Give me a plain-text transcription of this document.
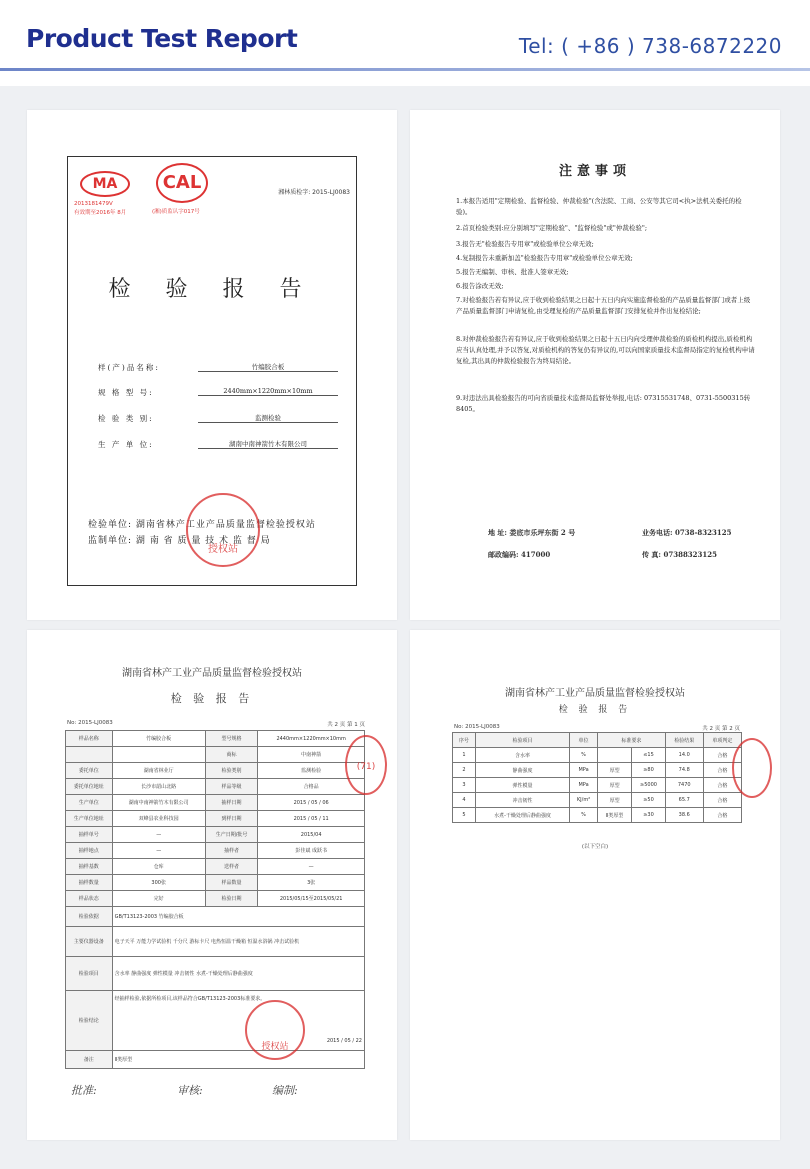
Product Test Report	Tel: ( +86 ) 738-6872220
MA	CAL
2013181479V
有效期至2016年 8月	(湘)质监认字017号
湘林质检字: 2015-LJ0083
检 验 报 告
样(产)品名称:	竹编胶合板
规 格 型 号:	2440mm×1220mm×10mm
检 验 类 别:	监测检验
生 产 单 位:	湖南中南神箭竹木有限公司
检验单位: 湖南省林产工业产品质量监督检验授权站
监制单位: 湖 南 省 质 量 技 术 监 督 局
授权站
注意事项
1.本报告适用"定期检验、监督检验、仲裁检验"(含法院、工商、公安等其它司<执>法机关委托的检验)。
2.首页检验类别:应分别填写"定期检验"、"监督检验"或"仲裁检验";
3.报告无"检验报告专用章"或检验单位公章无效;
4.复制报告未重新加盖"检验报告专用章"或检验单位公章无效;
5.报告无编制、审核、批准人签章无效;
6.报告涂改无效;
7.对检验报告若有异议,应于收到检验结果之日起十五日内向实施监督检验的产品质量监督部门或者上级产品质量监督部门申请复检,由受理复检的产品质量监督部门安排复检并作出复检结论;
8.对仲裁检验报告若有异议,应于收到检验结果之日起十五日内向受理仲裁检验的质检机构提出,质检机构应当认真处理,并予以答复,对质检机构的答复仍有异议的,可以向国家质量技术监督局指定的复检机构申请复检,其出具的仲裁检验报告为终局结论。
9.对违法出具检验报告的可向省质量技术监督局监督处举报,电话: 07315531748、0731-5500315转8405。
地 址: 娄底市乐坪东街 2 号	业务电话: 0738-8323125
邮政编码: 417000	传 真: 07388323125
湖南省林产工业产品质量监督检验授权站
检 验 报 告
No: 2015-LJ0083	共 2 页 第 1 页
样品名称	竹编胶合板	型号规格	2440mm×1220mm×10mm
		商标	中南神箭
委托单位	湖南省林业厅	检验类别	监测检验
委托单位地址	长沙市韶山北路	样品等级	合格品
生产单位	湖南中南神箭竹木有限公司	抽样日期	2015 / 05 / 06
生产单位地址	双峰县农业科技园	到样日期	2015 / 05 / 11
抽样单号	—	生产日期/批号	2015/04
抽样地点	—	抽样者	彭佳斌 成跃书
抽样基数	仓库	送样者	—
抽样数量	300张	样品数量	3张
样品状态	完好	检验日期	2015/05/15至2015/05/21
检验依据	GB/T13123-2003 竹编胶合板		
主要仪器设备	电子天平 万能力学试验机 千分尺 游标卡尺 电热恒温干燥箱 恒温水浴锅 冲击试验机		
检验项目	含水率 静曲强度 弹性模量 冲击韧性 水煮-干燥处理后静曲强度		
检验结论	经抽样检验,依据所检项目,该样品符合GB/T13123-2003标准要求。
2015 / 05 / 22		

备注	Ⅱ类厚型		
授权站
(71)
批准:	审核:	编制:
湖南省林产工业产品质量监督检验授权站
检 验 报 告
No: 2015-LJ0083	共 2 页 第 2 页
序号	检验项目	单位	标准要求		检验结果	单项判定
1	含水率	%		≤15	14.0	合格
2	静曲强度	MPa	厚型	≥80	74.8	合格
3	弹性模量	MPa	厚型	≥5000	7470	合格
4	冲击韧性	KJ/m²	厚型	≥50	65.7	合格
5	水煮-干燥处理后静曲强度	%	Ⅱ类厚型	≥30	38.6	合格
(以下空白)
